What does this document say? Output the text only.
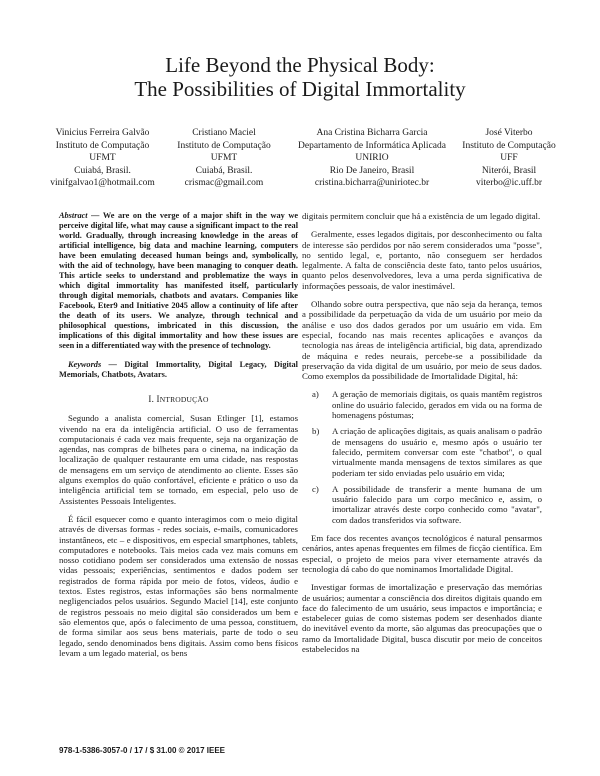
Life Beyond the Physical Body:
The Possibilities of Digital Immortality
Vinicius Ferreira Galvão
Instituto de Computação
UFMT
Cuiabá, Brasil.
vinifgalvao1@hotmail.com
Cristiano Maciel
Instituto de Computação
UFMT
Cuiabá, Brasil.
crismac@gmail.com
Ana Cristina Bicharra Garcia
Departamento de Informática Aplicada
UNIRIO
Rio De Janeiro, Brasil
cristina.bicharra@uniriotec.br
José Viterbo
Instituto de Computação
UFF
Niterói, Brasil
viterbo@ic.uff.br

Abstract — We are on the verge of a major shift in the way we perceive digital life, what may cause a significant impact to the real world. Gradually, through increasing knowledge in the areas of artificial intelligence, big data and machine learning, computers have been emulating deceased human beings and, symbolically, with the aid of technology, have been managing to conquer death. This article seeks to understand and problematize the ways in which digital immortality has manifested itself, particularly through digital memorials, chatbots and avatars. Companies like Facebook, Eter9 and Initiative 2045 allow a continuity of life after the death of its users. We analyze, through technical and philosophical questions, imbricated in this discussion, the implications of this digital immortality and how these issues are seen in a differentiated way with the presence of technology.

Keywords — Digital Immortality, Digital Legacy, Digital Memorials, Chatbots, Avatars.

I. INTRODUÇÃO

Segundo a analista comercial, Susan Etlinger [1], estamos vivendo na era da inteligência artificial. O uso de ferramentas computacionais é cada vez mais frequente, seja na organização de agendas, nas compras de bilhetes para o cinema, na indicação da localização de qualquer restaurante em uma cidade, nas respostas de mensagens em um serviço de atendimento ao cliente. Esses são alguns exemplos do quão confortável, eficiente e prático o uso da inteligência artificial tem se tornado, em especial, pelo uso de Assistentes Pessoais Inteligentes.

É fácil esquecer como e quanto interagimos com o meio digital através de diversas formas - redes sociais, e-mails, comunicadores instantâneos, etc – e dispositivos, em especial smartphones, tablets, computadores e notebooks. Tais meios cada vez mais comuns em nosso cotidiano podem ser considerados uma extensão de nossas vidas pessoais; experiências, sentimentos e dados podem ser registrados de forma rápida por meio de fotos, vídeos, áudio e textos. Estes registros, estas informações são bens normalmente negligenciados pelos usuários. Segundo Maciel [14], este conjunto de registros pessoais no meio digital são considerados um bem e são elementos que, após o falecimento de uma pessoa, constituem, de forma similar aos seus bens materiais, parte de todo o seu legado, sendo denominados bens digitais. Assim como bens físicos levam a um legado material, os bens

digitais permitem concluir que há a existência de um legado digital.

Geralmente, esses legados digitais, por desconhecimento ou falta de interesse são perdidos por não serem considerados uma "posse", no sentido legal, e, portanto, não conseguem ser herdados legalmente. A falta de consciência deste fato, tanto pelos usuários, quanto pelos desenvolvedores, leva a uma perda significativa de informações pessoais, de valor inestimável.

Olhando sobre outra perspectiva, que não seja da herança, temos a possibilidade da perpetuação da vida de um usuário por meio da análise e uso dos dados gerados por um usuário em vida. Em especial, focando nas mais recentes aplicações e avanços da tecnologia nas áreas de inteligência artificial, big data, aprendizado de máquina e redes neurais, percebe-se a possibilidade da preservação da vida digital de um usuário, por meio de seus dados. Como exemplos da possibilidade de Imortalidade Digital, há:

a) A geração de memoriais digitais, os quais mantêm registros online do usuário falecido, gerados em vida ou na forma de homenagens póstumas;
b) A criação de aplicações digitais, as quais analisam o padrão de mensagens do usuário e, mesmo após o usuário ter falecido, permitem conversar com este "chatbot", o qual virtualmente manda mensagens de textos similares as que poderiam ter sido enviadas pelo usuário em vida;
c) A possibilidade de transferir a mente humana de um usuário falecido para um corpo mecânico e, assim, o imortalizar através deste corpo conhecido como "avatar", com dados transferidos via software.

Em face dos recentes avanços tecnológicos é natural pensarmos cenários, antes apenas frequentes em filmes de ficção científica. Em especial, o projeto de meios para viver eternamente através da tecnologia dá cabo do que nominamos Imortalidade Digital.

Investigar formas de imortalização e preservação das memórias de usuários; aumentar a consciência dos direitos digitais quando em face do falecimento de um usuário, seus impactos e importância; e estabelecer guias de como sistemas podem ser desenhados diante do inevitável evento da morte, são algumas das preocupações que o ramo da Imortalidade Digital, busca discutir por meio de conceitos estabelecidos na

978-1-5386-3057-0 / 17 / $ 31.00 © 2017 IEEE
